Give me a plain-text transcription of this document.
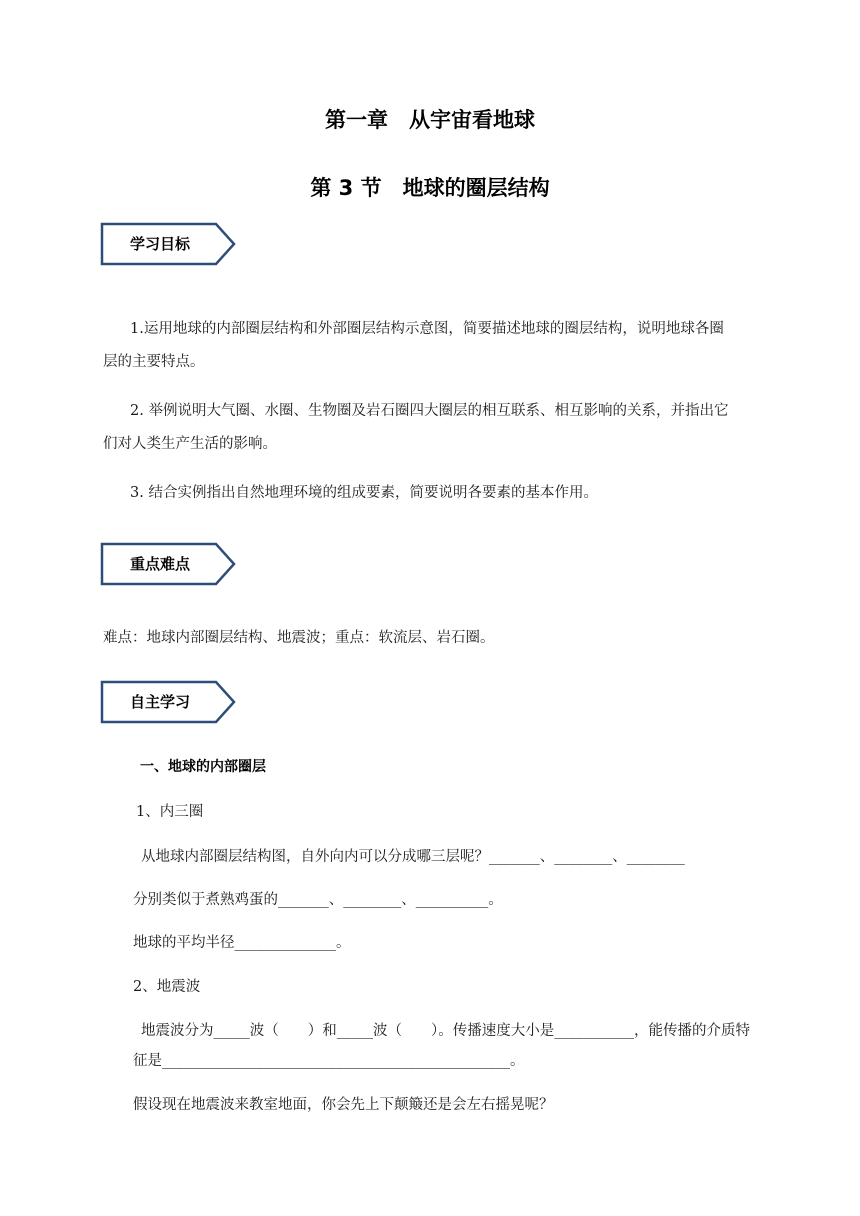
第一章　从宇宙看地球
第 3 节　地球的圈层结构
学习目标
1.运用地球的内部圈层结构和外部圈层结构示意图，简要描述地球的圈层结构，说明地球各圈
层的主要特点。
2. 举例说明大气圈、水圈、生物圈及岩石圈四大圈层的相互联系、相互影响的关系，并指出它
们对人类生产生活的影响。
3. 结合实例指出自然地理环境的组成要素，简要说明各要素的基本作用。
重点难点
难点：地球内部圈层结构、地震波；重点：软流层、岩石圈。
自主学习
一、地球的内部圈层
1、内三圈
从地球内部圈层结构图，自外向内可以分成哪三层呢？_______、________、________
分别类似于煮熟鸡蛋的_______、________、__________。
地球的平均半径______________。
2、地震波
地震波分为_____波（　　）和_____波（　　）。传播速度大小是___________，能传播的介质特
征是________________________________________________。
假设现在地震波来教室地面，你会先上下颠簸还是会左右摇晃呢？
